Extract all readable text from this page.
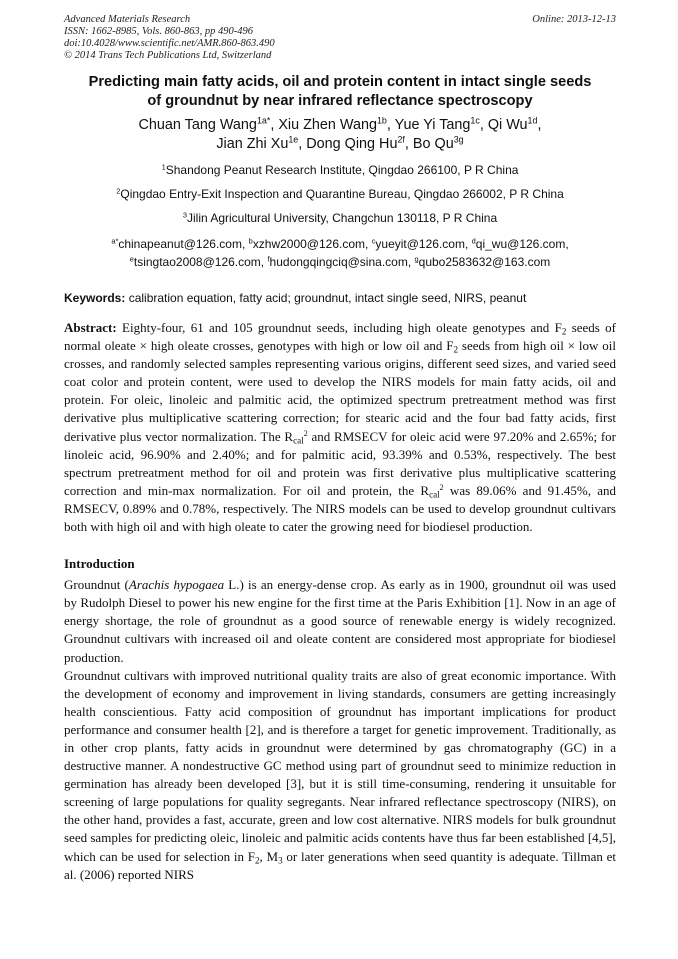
Advanced Materials Research	Online: 2013-12-13
ISSN: 1662-8985, Vols. 860-863, pp 490-496
doi:10.4028/www.scientific.net/AMR.860-863.490
© 2014 Trans Tech Publications Ltd, Switzerland
Predicting main fatty acids, oil and protein content in intact single seeds
of groundnut by near infrared reflectance spectroscopy
Chuan Tang Wang$^{1a*}$, Xiu Zhen Wang$^{1b}$, Yue Yi Tang$^{1c}$, Qi $Wu^{1d}$,
Jian Zhi $Xu^{1e}$, Dong Qing $Hu^{2f}$, Bo $Qu^{3g}$
$^1$Shandong Peanut Research Institute, Qingdao 266100, P R China
$^2$Qingdao Entry-Exit Inspection and Quarantine Bureau, Qingdao 266002, P R China
$^3$Jilin Agricultural University, Changchun 130118, P R China
$^{a*}$chinapeanut@126.com, $^b$xzhw2000@126.com, $^c$yueyit@126.com, $^d$qi_wu@126.com,
$^e$tsingtao2008@126.com, $^f$hudongqingciq@sina.com, $^g$qubo2583632@163.com
Keywords: calibration equation, fatty acid; groundnut, intact single seed, NIRS, peanut
Abstract: Eighty-four, 61 and 105 groundnut seeds, including high oleate genotypes and $F_2$ seeds of normal oleate × high oleate crosses, genotypes with high or low oil and $F_2$ seeds from high oil × low oil crosses, and randomly selected samples representing various origins, different seed sizes, and varied seed coat color and protein content, were used to develop the NIRS models for main fatty acids, oil and protein. For oleic, linoleic and palmitic acid, the optimized spectrum pretreatment method was first derivative plus multiplicative scattering correction; for stearic acid and the four bad fatty acids, first derivative plus vector normalization. The $R_{cal}^2$ and RMSECV for oleic acid were 97.20% and 2.65%; for linoleic acid, 96.90% and 2.40%; and for palmitic acid, 93.39% and 0.53%, respectively. The best spectrum pretreatment method for oil and protein was first derivative plus multiplicative scattering correction and min-max normalization. For oil and protein, the $R_{cal}^2$ was 89.06% and 91.45%, and RMSECV, 0.89% and 0.78%, respectively. The NIRS models can be used to develop groundnut cultivars both with high oil and with high oleate to cater the growing need for biodiesel production.
Introduction
Groundnut (Arachis hypogaea L.) is an energy-dense crop. As early as in 1900, groundnut oil was used by Rudolph Diesel to power his new engine for the first time at the Paris Exhibition [1]. Now in an age of energy shortage, the role of groundnut as a good source of renewable energy is widely recognized. Groundnut cultivars with increased oil and oleate content are considered most appropriate for biodiesel production.
Groundnut cultivars with improved nutritional quality traits are also of great economic importance. With the development of economy and improvement in living standards, consumers are getting increasingly health conscientious. Fatty acid composition of groundnut has important implications for product performance and consumer health [2], and is therefore a target for genetic improvement. Traditionally, as in other crop plants, fatty acids in groundnut were determined by gas chromatography (GC) in a destructive manner. A nondestructive GC method using part of groundnut seed to minimize reduction in germination has already been developed [3], but it is still time-consuming, rendering it unsuitable for screening of large populations for quality segregants. Near infrared reflectance spectroscopy (NIRS), on the other hand, provides a fast, accurate, green and low cost alternative. NIRS models for bulk groundnut seed samples for predicting oleic, linoleic and palmitic acids contents have thus far been established [4,5], which can be used for selection in $F_2$, $M_3$ or later generations when seed quantity is adequate. Tillman et al. (2006) reported NIRS
